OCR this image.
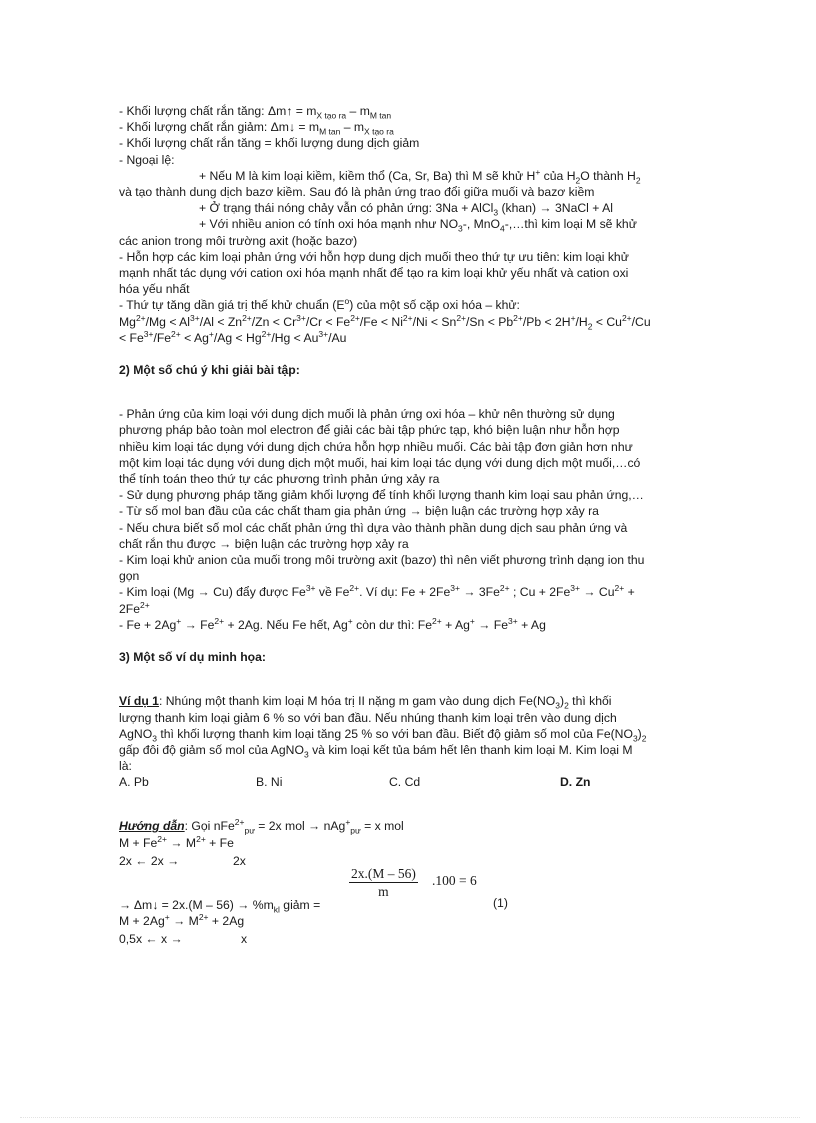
- Khối lượng chất rắn tăng: Δm↑ = $m_{X tạo ra} - m_{M tan}$
- Khối lượng chất rắn giảm: Δm↓ = $m_{M tan} - m_{X tạo ra}$
- Khối lượng chất rắn tăng = khối lượng dung dịch giảm
- Ngoại lệ:
+ Nếu M là kim loại kiềm, kiềm thổ (Ca, Sr, Ba) thì M sẽ khử H+ của $H_2O$ thành $H_2$
và tạo thành dung dịch bazơ kiềm. Sau đó là phản ứng trao đổi giữa muối và bazơ kiềm
+ Ở trạng thái nóng chảy vẫn có phản ứng: 3Na + AlCl$_3$ (khan) → 3NaCl + Al
+ Với nhiều anion có tính oxi hóa mạnh như $NO_3-$, MnO$_4$-,…thì kim loại M sẽ khử
các anion trong môi trường axit (hoặc bazơ)
- Hỗn hợp các kim loại phản ứng với hỗn hợp dung dịch muối theo thứ tự ưu tiên: kim loại khử
mạnh nhất tác dụng với cation oxi hóa mạnh nhất để tạo ra kim loại khử yếu nhất và cation oxi
hóa yếu nhất
- Thứ tự tăng dần giá trị thế khử chuẩn $(E^o)$ của một số cặp oxi hóa – khử:
$Mg^{2+}/Mg < Al^{3+}/Al < Zn^{2+}/Zn < Cr^{3+}/Cr < Fe^{2+}/Fe < Ni^{2+}/Ni < Sn^{2+}/Sn < Pb^{2+}/Pb < 2H^+/H_2 < Cu^{2+}/Cu$
< $Fe^{3+}/Fe^{2+} < Ag^+/Ag < Hg^{2+}/Hg < Au^{3+}/Au$
2) Một số chú ý khi giải bài tập:
- Phản ứng của kim loại với dung dịch muối là phản ứng oxi hóa – khử nên thường sử dụng
phương pháp bảo toàn mol electron để giải các bài tập phức tạp, khó biện luận như hỗn hợp
nhiều kim loại tác dụng với dung dịch chứa hỗn hợp nhiều muối. Các bài tập đơn giản hơn như
một kim loại tác dụng với dung dịch một muối, hai kim loại tác dụng với dung dịch một muối,…có
thể tính toán theo thứ tự các phương trình phản ứng xảy ra
- Sử dụng phương pháp tăng giảm khối lượng để tính khối lượng thanh kim loại sau phản ứng,…
- Từ số mol ban đầu của các chất tham gia phản ứng → biện luận các trường hợp xảy ra
- Nếu chưa biết số mol các chất phản ứng thì dựa vào thành phần dung dịch sau phản ứng và
chất rắn thu được → biện luận các trường hợp xảy ra
- Kim loại khử anion của muối trong môi trường axit (bazơ) thì nên viết phương trình dạng ion thu
gọn
- Kim loại (Mg → Cu) đẩy được $Fe^{3+}$ về $Fe^{2+}$. Ví dụ: $Fe + 2Fe^{3+} \to 3Fe^{2+}$ ; $Cu + 2Fe^{3+} \to Cu^{2+}$ +
$2Fe^{2+}$
- $Fe + 2Ag^+ \to Fe^{2+} + 2Ag$. Nếu Fe hết, Ag+ còn dư thì: $Fe^{2+} + Ag^+ \to Fe^{3+} + Ag$
3) Một số ví dụ minh họa:
Ví dụ 1: Nhúng một thanh kim loại M hóa trị II nặng m gam vào dung dịch $Fe(NO_3)_2$ thì khối
lượng thanh kim loại giảm 6 % so với ban đầu. Nếu nhúng thanh kim loại trên vào dung dịch
AgNO$_3$ thì khối lượng thanh kim loại tăng 25 % so với ban đầu. Biết độ giảm số mol của $Fe(NO_3)_2$
gấp đôi độ giảm số mol của AgNO$_3$ và kim loại kết tủa bám hết lên thanh kim loại M. Kim loại M
là:
A. Pb	B. Ni	C. Cd	D. Zn
Hướng dẫn: Gọi nFe$^{2+}_{pư}$ = 2x mol → nAg+$_{pư}$ = x mol
$M + Fe^{2+} \to M^{2+} + Fe$
2x ← 2x →	2x
$\frac{2x.(M - 56)}{m} .100 = 6$
(1)
→ Δm↓ = $2x.(M - 56) \to \%m_{kl}$ giảm =
$M + 2Ag^+ \to M^{2+} + 2Ag$
0,5x ← x →	x
